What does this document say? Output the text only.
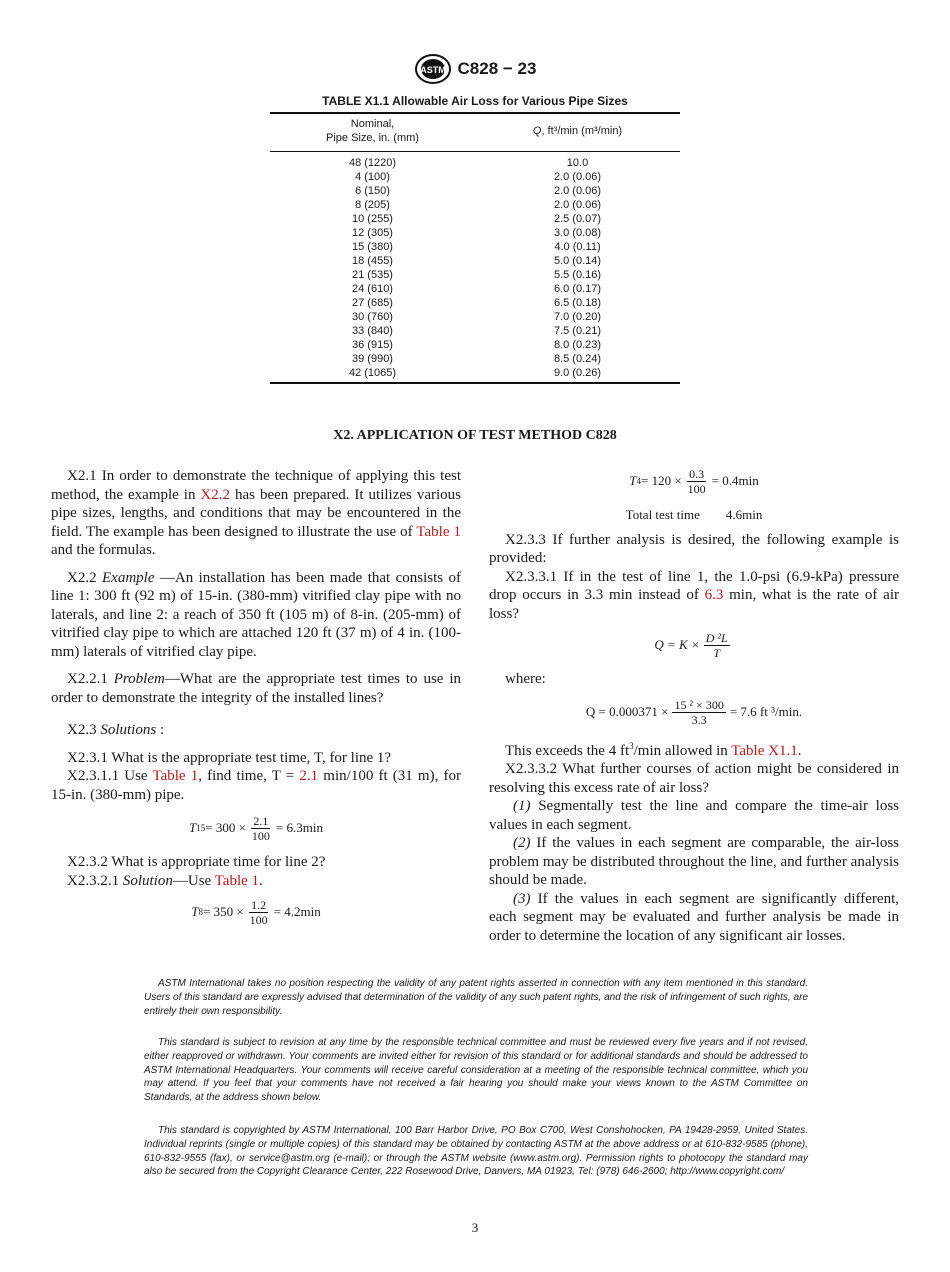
ASTM C828 − 23
TABLE X1.1 Allowable Air Loss for Various Pipe Sizes
Nominal,
Pipe Size, in. (mm)	Q, ft³/min (m³/min)
48 (1220)	10.0
4 (100)	2.0 (0.06)
6 (150)	2.0 (0.06)
8 (205)	2.0 (0.06)
10 (255)	2.5 (0.07)
12 (305)	3.0 (0.08)
15 (380)	4.0 (0.11)
18 (455)	5.0 (0.14)
21 (535)	5.5 (0.16)
24 (610)	6.0 (0.17)
27 (685)	6.5 (0.18)
30 (760)	7.0 (0.20)
33 (840)	7.5 (0.21)
36 (915)	8.0 (0.23)
39 (990)	8.5 (0.24)
42 (1065)	9.0 (0.26)
X2. APPLICATION OF TEST METHOD C828

X2.1 In order to demonstrate the technique of applying this test method, the example in X2.2 has been prepared. It utilizes various pipe sizes, lengths, and conditions that may be encountered in the field. The example has been designed to illustrate the use of Table 1 and the formulas.

X2.2 Example —An installation has been made that consists of line 1: 300 ft (92 m) of 15-in. (380-mm) vitrified clay pipe with no laterals, and line 2: a reach of 350 ft (105 m) of 8-in. (205-mm) of vitrified clay pipe to which are attached 120 ft (37 m) of 4 in. (100-mm) laterals of vitrified clay pipe.

X2.2.1 Problem—What are the appropriate test times to use in order to demonstrate the integrity of the installed lines?

X2.3 Solutions :

X2.3.1 What is the appropriate test time, T, for line 1?

X2.3.1.1 Use Table 1, find time, T = 2.1 min/100 ft (31 m), for 15-in. (380-mm) pipe.

T $15 = 300 \times \frac{2.1}{100} = 6.3\min$

X2.3.2 What is appropriate time for line 2?

X2.3.2.1 Solution—Use Table 1.

T $8 = 350 \times \frac{1.2}{100} = 4.2\min$
T $4 = 120 \times \frac{0.3}{100} = 0.4\min$
Total test time 4.6min

X2.3.3 If further analysis is desired, the following example is provided:

X2.3.3.1 If in the test of line 1, the 1.0-psi (6.9-kPa) pressure drop occurs in 3.3 min instead of 6.3 min, what is the rate of air loss?

$Q = K \times \frac{\text{D ²L}}{T}$

where:

$Q = 0.000371 \times \frac{\text{15 ² × 300}}{3.3} = 7.6$ ft ³/min.

This exceeds the 4 $ft^3/\min$ allowed in Table X1.1.

X2.3.3.2 What further courses of action might be considered in resolving this excess rate of air loss?

(1) Segmentally test the line and compare the time-air loss values in each segment.

(2) If the values in each segment are comparable, the air-loss problem may be distributed throughout the line, and further analysis should be made.

(3) If the values in each segment are significantly different, each segment may be evaluated and further analysis be made in order to determine the location of any significant air losses.

ASTM International takes no position respecting the validity of any patent rights asserted in connection with any item mentioned in this standard. Users of this standard are expressly advised that determination of the validity of any such patent rights, and the risk of infringement of such rights, are entirely their own responsibility.

This standard is subject to revision at any time by the responsible technical committee and must be reviewed every five years and if not revised, either reapproved or withdrawn. Your comments are invited either for revision of this standard or for additional standards and should be addressed to ASTM International Headquarters. Your comments will receive careful consideration at a meeting of the responsible technical committee, which you may attend. If you feel that your comments have not received a fair hearing you should make your views known to the ASTM Committee on Standards, at the address shown below.

This standard is copyrighted by ASTM International, 100 Barr Harbor Drive, PO Box C700, West Conshohocken, PA 19428-2959, United States. Individual reprints (single or multiple copies) of this standard may be obtained by contacting ASTM at the above address or at 610-832-9585 (phone), 610-832-9555 (fax), or service@astm.org (e-mail); or through the ASTM website (www.astm.org). Permission rights to photocopy the standard may also be secured from the Copyright Clearance Center, 222 Rosewood Drive, Danvers, MA 01923, Tel: (978) 646-2600; http://www.copyright.com/

3
